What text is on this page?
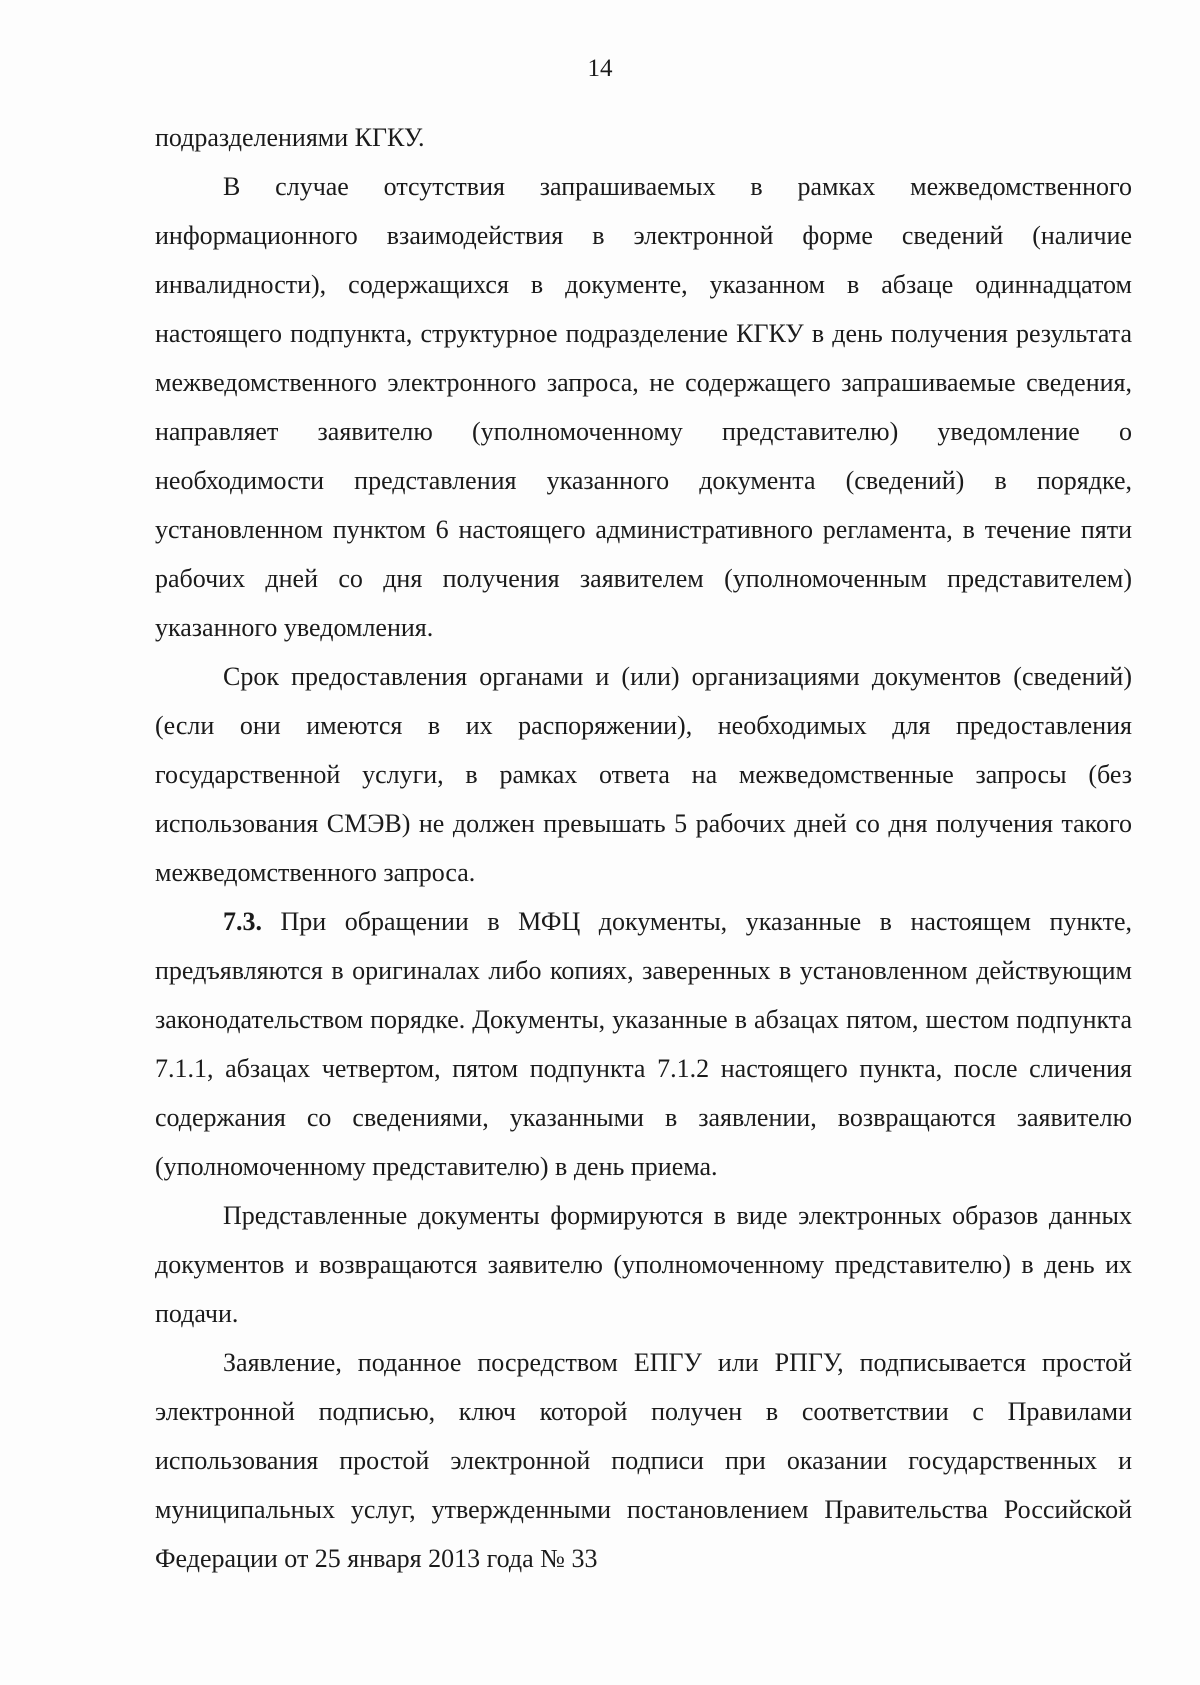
14

подразделениями КГКУ.

В случае отсутствия запрашиваемых в рамках межведомственного информационного взаимодействия в электронной форме сведений (наличие инвалидности), содержащихся в документе, указанном в абзаце одиннадцатом настоящего подпункта, структурное подразделение КГКУ в день получения результата межведомственного электронного запроса, не содержащего запрашиваемые сведения, направляет заявителю (уполномоченному представителю) уведомление о необходимости представления указанного документа (сведений) в порядке, установленном пунктом 6 настоящего административного регламента, в течение пяти рабочих дней со дня получения заявителем (уполномоченным представителем) указанного уведомления.

Срок предоставления органами и (или) организациями документов (сведений) (если они имеются в их распоряжении), необходимых для предоставления государственной услуги, в рамках ответа на межведомственные запросы (без использования СМЭВ) не должен превышать 5 рабочих дней со дня получения такого межведомственного запроса.

7.3. При обращении в МФЦ документы, указанные в настоящем пункте, предъявляются в оригиналах либо копиях, заверенных в установленном действующим законодательством порядке. Документы, указанные в абзацах пятом, шестом подпункта 7.1.1, абзацах четвертом, пятом подпункта 7.1.2 настоящего пункта, после сличения содержания со сведениями, указанными в заявлении, возвращаются заявителю (уполномоченному представителю) в день приема.

Представленные документы формируются в виде электронных образов данных документов и возвращаются заявителю (уполномоченному представителю) в день их подачи.

Заявление, поданное посредством ЕПГУ или РПГУ, подписывается простой электронной подписью, ключ которой получен в соответствии с Правилами использования простой электронной подписи при оказании государственных и муниципальных услуг, утвержденными постановлением Правительства Российской Федерации от 25 января 2013 года № 33
